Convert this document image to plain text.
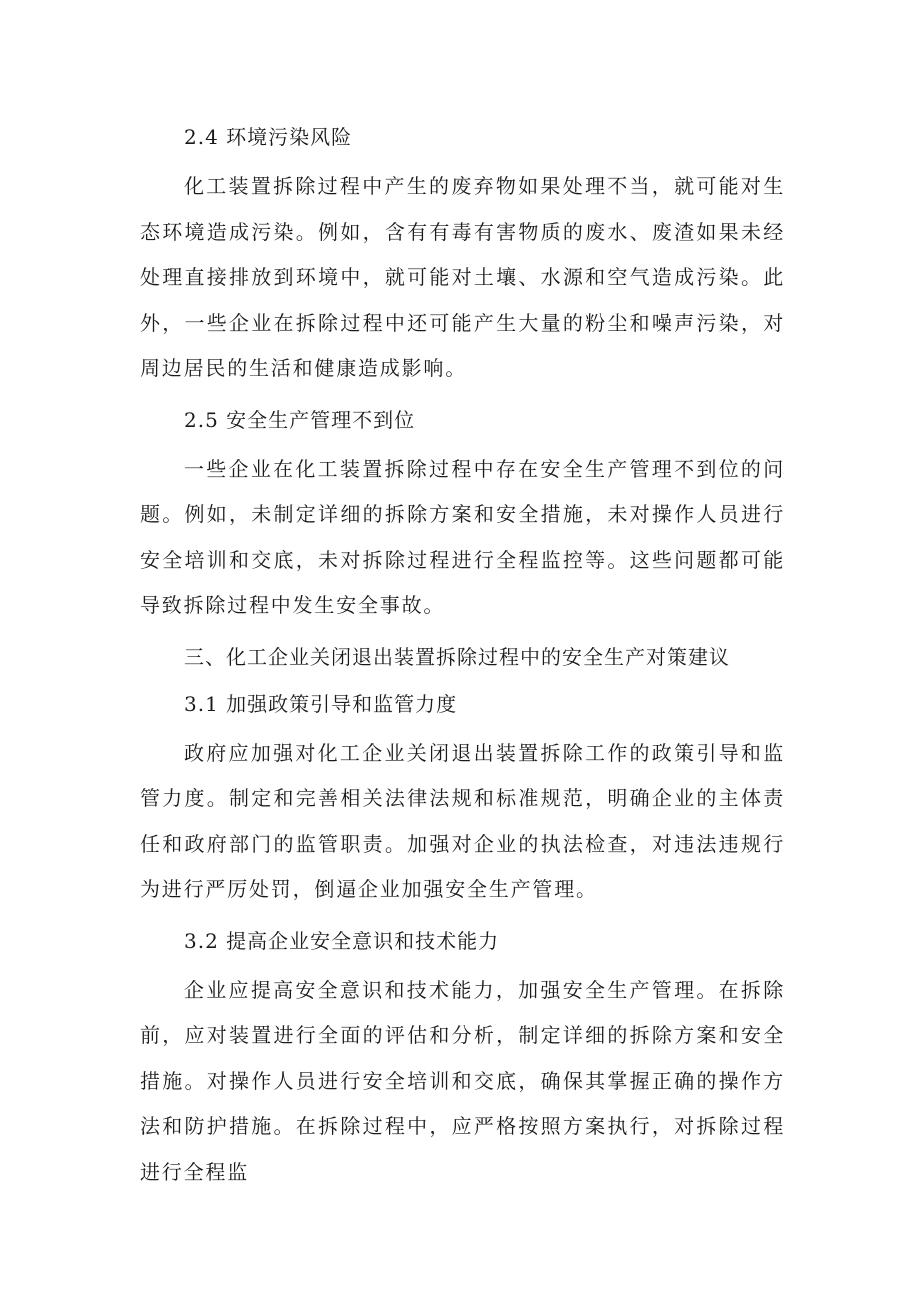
2.4 环境污染风险

化工装置拆除过程中产生的废弃物如果处理不当，就可能对生态环境造成污染。例如，含有有毒有害物质的废水、废渣如果未经处理直接排放到环境中，就可能对土壤、水源和空气造成污染。此外，一些企业在拆除过程中还可能产生大量的粉尘和噪声污染，对周边居民的生活和健康造成影响。

2.5 安全生产管理不到位

一些企业在化工装置拆除过程中存在安全生产管理不到位的问题。例如，未制定详细的拆除方案和安全措施，未对操作人员进行安全培训和交底，未对拆除过程进行全程监控等。这些问题都可能导致拆除过程中发生安全事故。

三、化工企业关闭退出装置拆除过程中的安全生产对策建议
3.1 加强政策引导和监管力度

政府应加强对化工企业关闭退出装置拆除工作的政策引导和监管力度。制定和完善相关法律法规和标准规范，明确企业的主体责任和政府部门的监管职责。加强对企业的执法检查，对违法违规行为进行严厉处罚，倒逼企业加强安全生产管理。

3.2 提高企业安全意识和技术能力

企业应提高安全意识和技术能力，加强安全生产管理。在拆除前，应对装置进行全面的评估和分析，制定详细的拆除方案和安全措施。对操作人员进行安全培训和交底，确保其掌握正确的操作方法和防护措施。在拆除过程中，应严格按照方案执行，对拆除过程进行全程监
